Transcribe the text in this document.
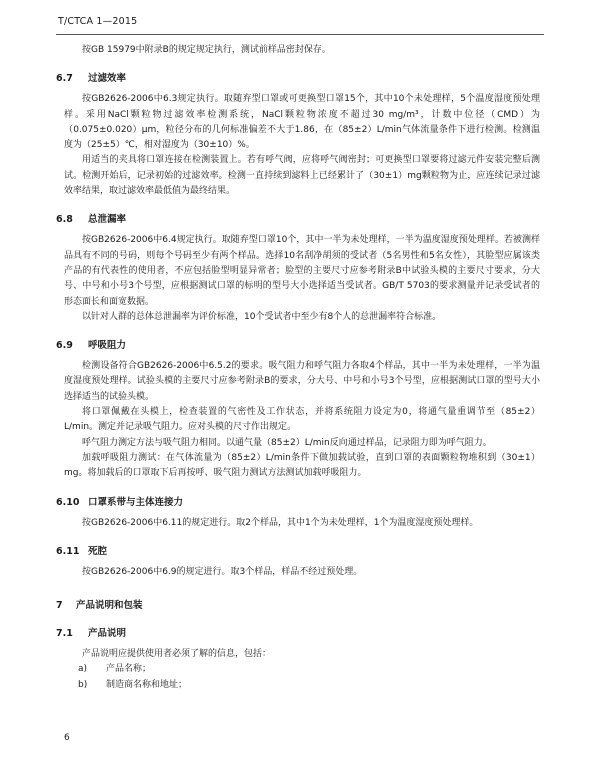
T/CTCA 1—2015

按GB 15979中附录B的规定规定执行，测试前样品密封保存。

6.7 过滤效率

按GB2626-2006中6.3规定执行。取随弃型口罩或可更换型口罩15个，其中10个未处理样，5个温度湿度预处理样。采用NaCl颗粒物过滤效率检测系统，NaCl颗粒物浓度不超过30 mg/m³，计数中位径（CMD）为（0.075±0.020）μm，粒径分布的几何标准偏差不大于1.86，在（85±2）L/min气体流量条件下进行检测。检测温度为（25±5）℃，相对湿度为（30±10）%。

用适当的夹具将口罩连接在检测装置上。若有呼气阀，应将呼气阀密封；可更换型口罩要将过滤元件安装完整后测试。检测开始后，记录初始的过滤效率。检测一直持续到滤料上已经累计了（30±1）mg颗粒物为止，应连续记录过滤效率结果，取过滤效率最低值为最终结果。

6.8 总泄漏率

按GB2626-2006中6.4规定执行。取随弃型口罩10个，其中一半为未处理样，一半为温度湿度预处理样。若被测样品具有不同的号码，则每个号码至少有两个样品。选择10名刮净胡须的受试者（5名男性和5名女性），其脸型应属该类产品的有代表性的使用者，不应包括脸型明显异常者；脸型的主要尺寸应参考附录B中试验头模的主要尺寸要求，分大号、中号和小号3个号型，应根据测试口罩的标明的型号大小选择适当受试者。GB/T 5703的要求测量并记录受试者的形态面长和面宽数据。

以针对人群的总体总泄漏率为评价标准，10个受试者中至少有8个人的总泄漏率符合标准。

6.9 呼吸阻力

检测设备符合GB2626-2006中6.5.2的要求。吸气阻力和呼气阻力各取4个样品，其中一半为未处理样，一半为温度湿度预处理样。试验头模的主要尺寸应参考附录B的要求，分大号、中号和小号3个号型，应根据测试口罩的型号大小选择适当的试验头模。

将口罩佩戴在头模上，检查装置的气密性及工作状态，并将系统阻力设定为0，将通气量重调节至（85±2）L/min。测定并记录吸气阻力。应对头模的尺寸作出规定。

呼气阻力测定方法与吸气阻力相同。以通气量（85±2）L/min反向通过样品，记录阻力即为呼气阻力。

加载呼吸阻力测试：在气体流量为（85±2）L/min条件下做加载试验，直到口罩的表面颗粒物堆积到（30±1）mg。将加载后的口罩取下后再按呼、吸气阻力测试方法测试加载呼吸阻力。

6.10 口罩系带与主体连接力

按GB2626-2006中6.11的规定进行。取2个样品，其中1个为未处理样，1个为温度湿度预处理样。

6.11 死腔

按GB2626-2006中6.9的规定进行。取3个样品，样品不经过预处理。

7 产品说明和包装
7.1 产品说明

产品说明应提供使用者必须了解的信息，包括：

a) 产品名称；
b) 制造商名称和地址；
6
